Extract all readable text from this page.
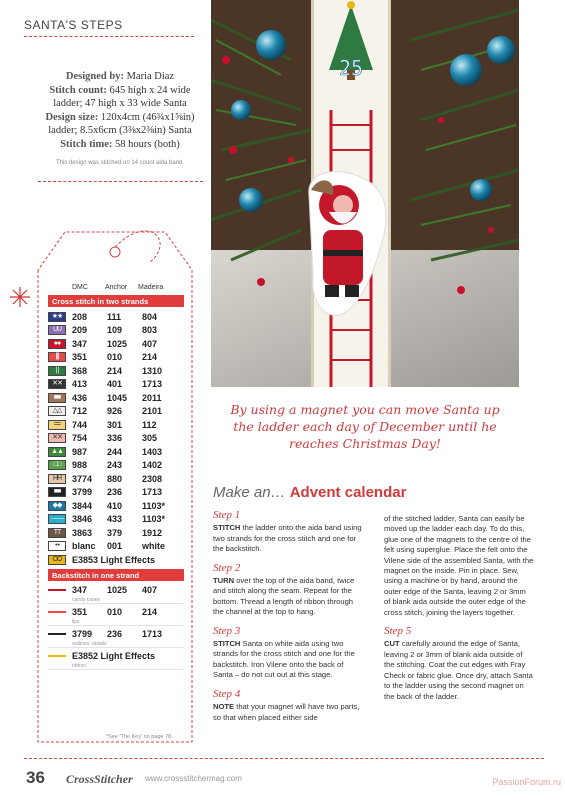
SANTA'S STEPS
Designed by: Maria Diaz
Stitch count: 645 high x 24 wide ladder; 47 high x 33 wide Santa
Design size: 120x4cm (46¾x1⅝in) ladder; 8.5x6cm (3⅜x2⅜in) Santa
Stitch time: 58 hours (both)
This design was stitched on 14 count aida band.
DMC	Anchor	Madeira
Cross stitch in two strands
★★	208	111	804
UU	209	109	803
●●	347	1025	407
||||	351	010	214
| |	368	214	1310
✕✕	413	401	1713
■■	436	1045	2011
△△	712	926	2101
==	744	301	112
✕✕	754	336	305
▲▲	987	244	1403
□□	988	243	1402
HH	3774	880	2308
■■	3799	236	1713
◆◆	3844	410	1103*
——	3846	433	1103*
TT	3863	379	1912
• •	blanc	001	white
OO	E3853 Light Effects
Backstitch in one strand
347	1025	407
candy canes
351	010	214
lips
3799	236	1713
outlines, details
E3852 Light Effects
ribbon
*See 'The Key' on page 78.
25
By using a magnet you can move Santa up the ladder each day of December until he reaches Christmas Day!
Make an… Advent calendar
Step 1

STITCH the ladder onto the aida band using two strands for the cross stitch and one for the backstitch.

Step 2

TURN over the top of the aida band, twice and stitch along the seam. Repeat for the bottom. Thread a length of ribbon through the channel at the top to hang.

Step 3

STITCH Santa on white aida using two strands for the cross stitch and one for the backstitch. Iron Vilene onto the back of Santa – do not cut out at this stage.

Step 4

NOTE that your magnet will have two parts, so that when placed either side

of the stitched ladder, Santa can easily be moved up the ladder each day. To do this, glue one of the magnets to the centre of the felt using superglue. Place the felt onto the Vilene side of the assembled Santa, with the magnet on the inside. Pin in place. Sew, using a machine or by hand, around the outer edge of the Santa, leaving 2 or 3mm of blank aida outside the outer edge of the cross stitch, joining the layers together.

Step 5

CUT carefully around the edge of Santa, leaving 2 or 3mm of blank aida outside of the stitching. Coat the cut edges with Fray Check or fabric glue. Once dry, attach Santa to the ladder using the second magnet on the back of the ladder.

36 CrossStitcher www.crossstitchermag.com	PassionForum.ru
